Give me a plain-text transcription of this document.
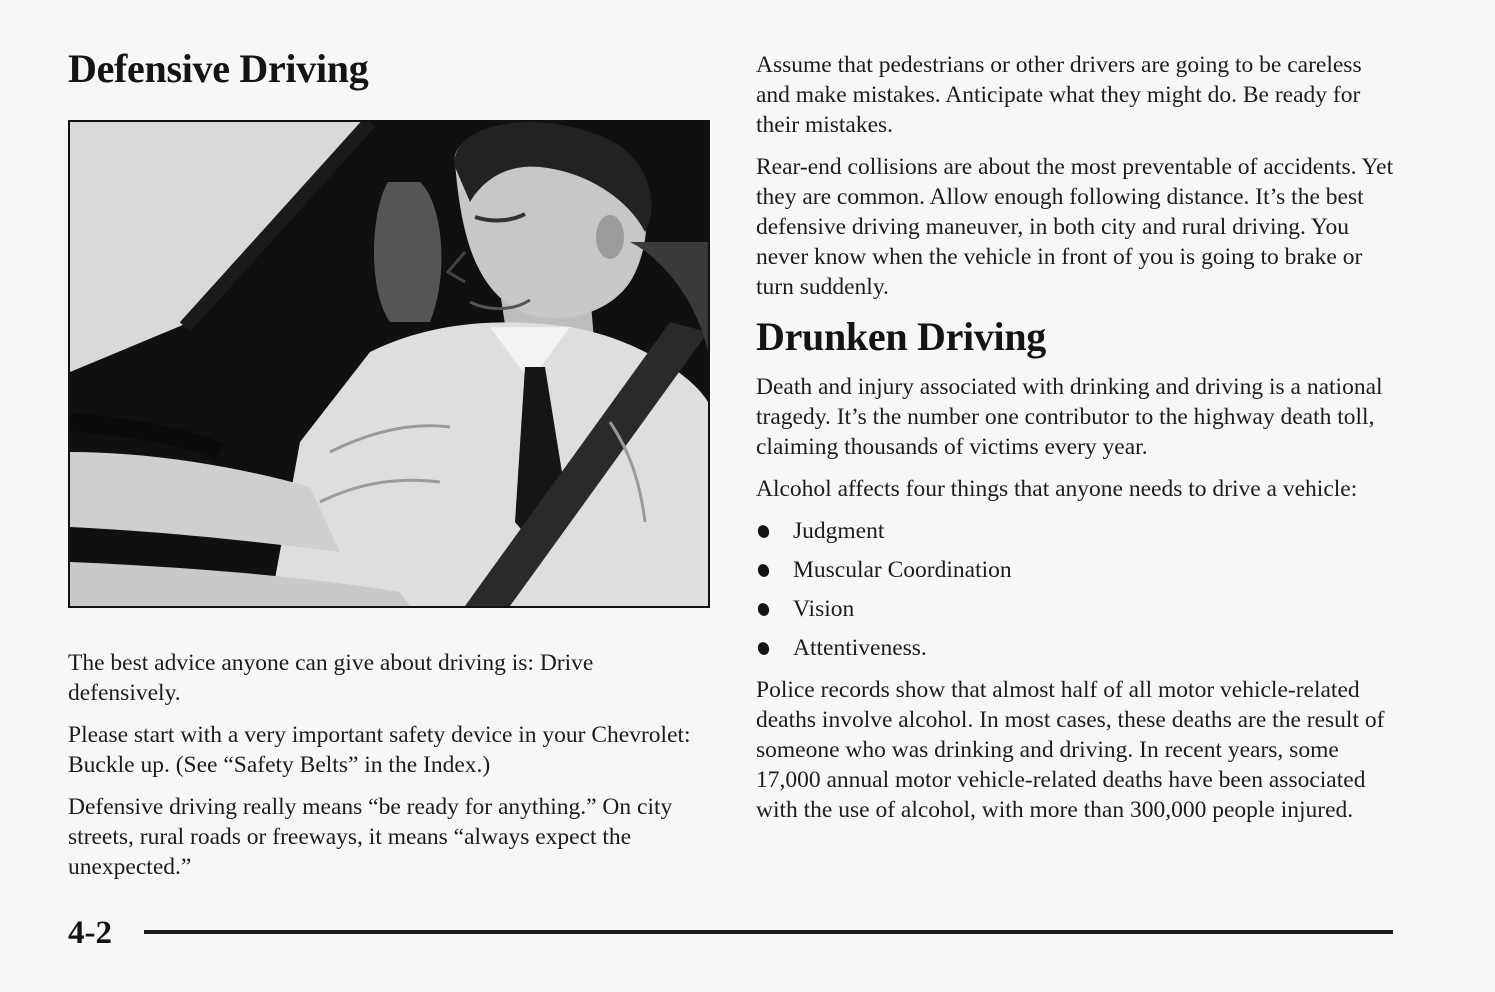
Defensive Driving

The best advice anyone can give about driving is: Drive defensively.

Please start with a very important safety device in your Chevrolet: Buckle up. (See “Safety Belts” in the Index.)

Defensive driving really means “be ready for anything.” On city streets, rural roads or freeways, it means “always expect the unexpected.”

Assume that pedestrians or other drivers are going to be careless and make mistakes. Anticipate what they might do. Be ready for their mistakes.

Rear-end collisions are about the most preventable of accidents. Yet they are common. Allow enough following distance. It’s the best defensive driving maneuver, in both city and rural driving. You never know when the vehicle in front of you is going to brake or turn suddenly.

Drunken Driving

Death and injury associated with drinking and driving is a national tragedy. It’s the number one contributor to the highway death toll, claiming thousands of victims every year.

Alcohol affects four things that anyone needs to drive a vehicle:

Judgment
Muscular Coordination
Vision
Attentiveness.

Police records show that almost half of all motor vehicle-related deaths involve alcohol. In most cases, these deaths are the result of someone who was drinking and driving. In recent years, some 17,000 annual motor vehicle-related deaths have been associated with the use of alcohol, with more than 300,000 people injured.

4-2
